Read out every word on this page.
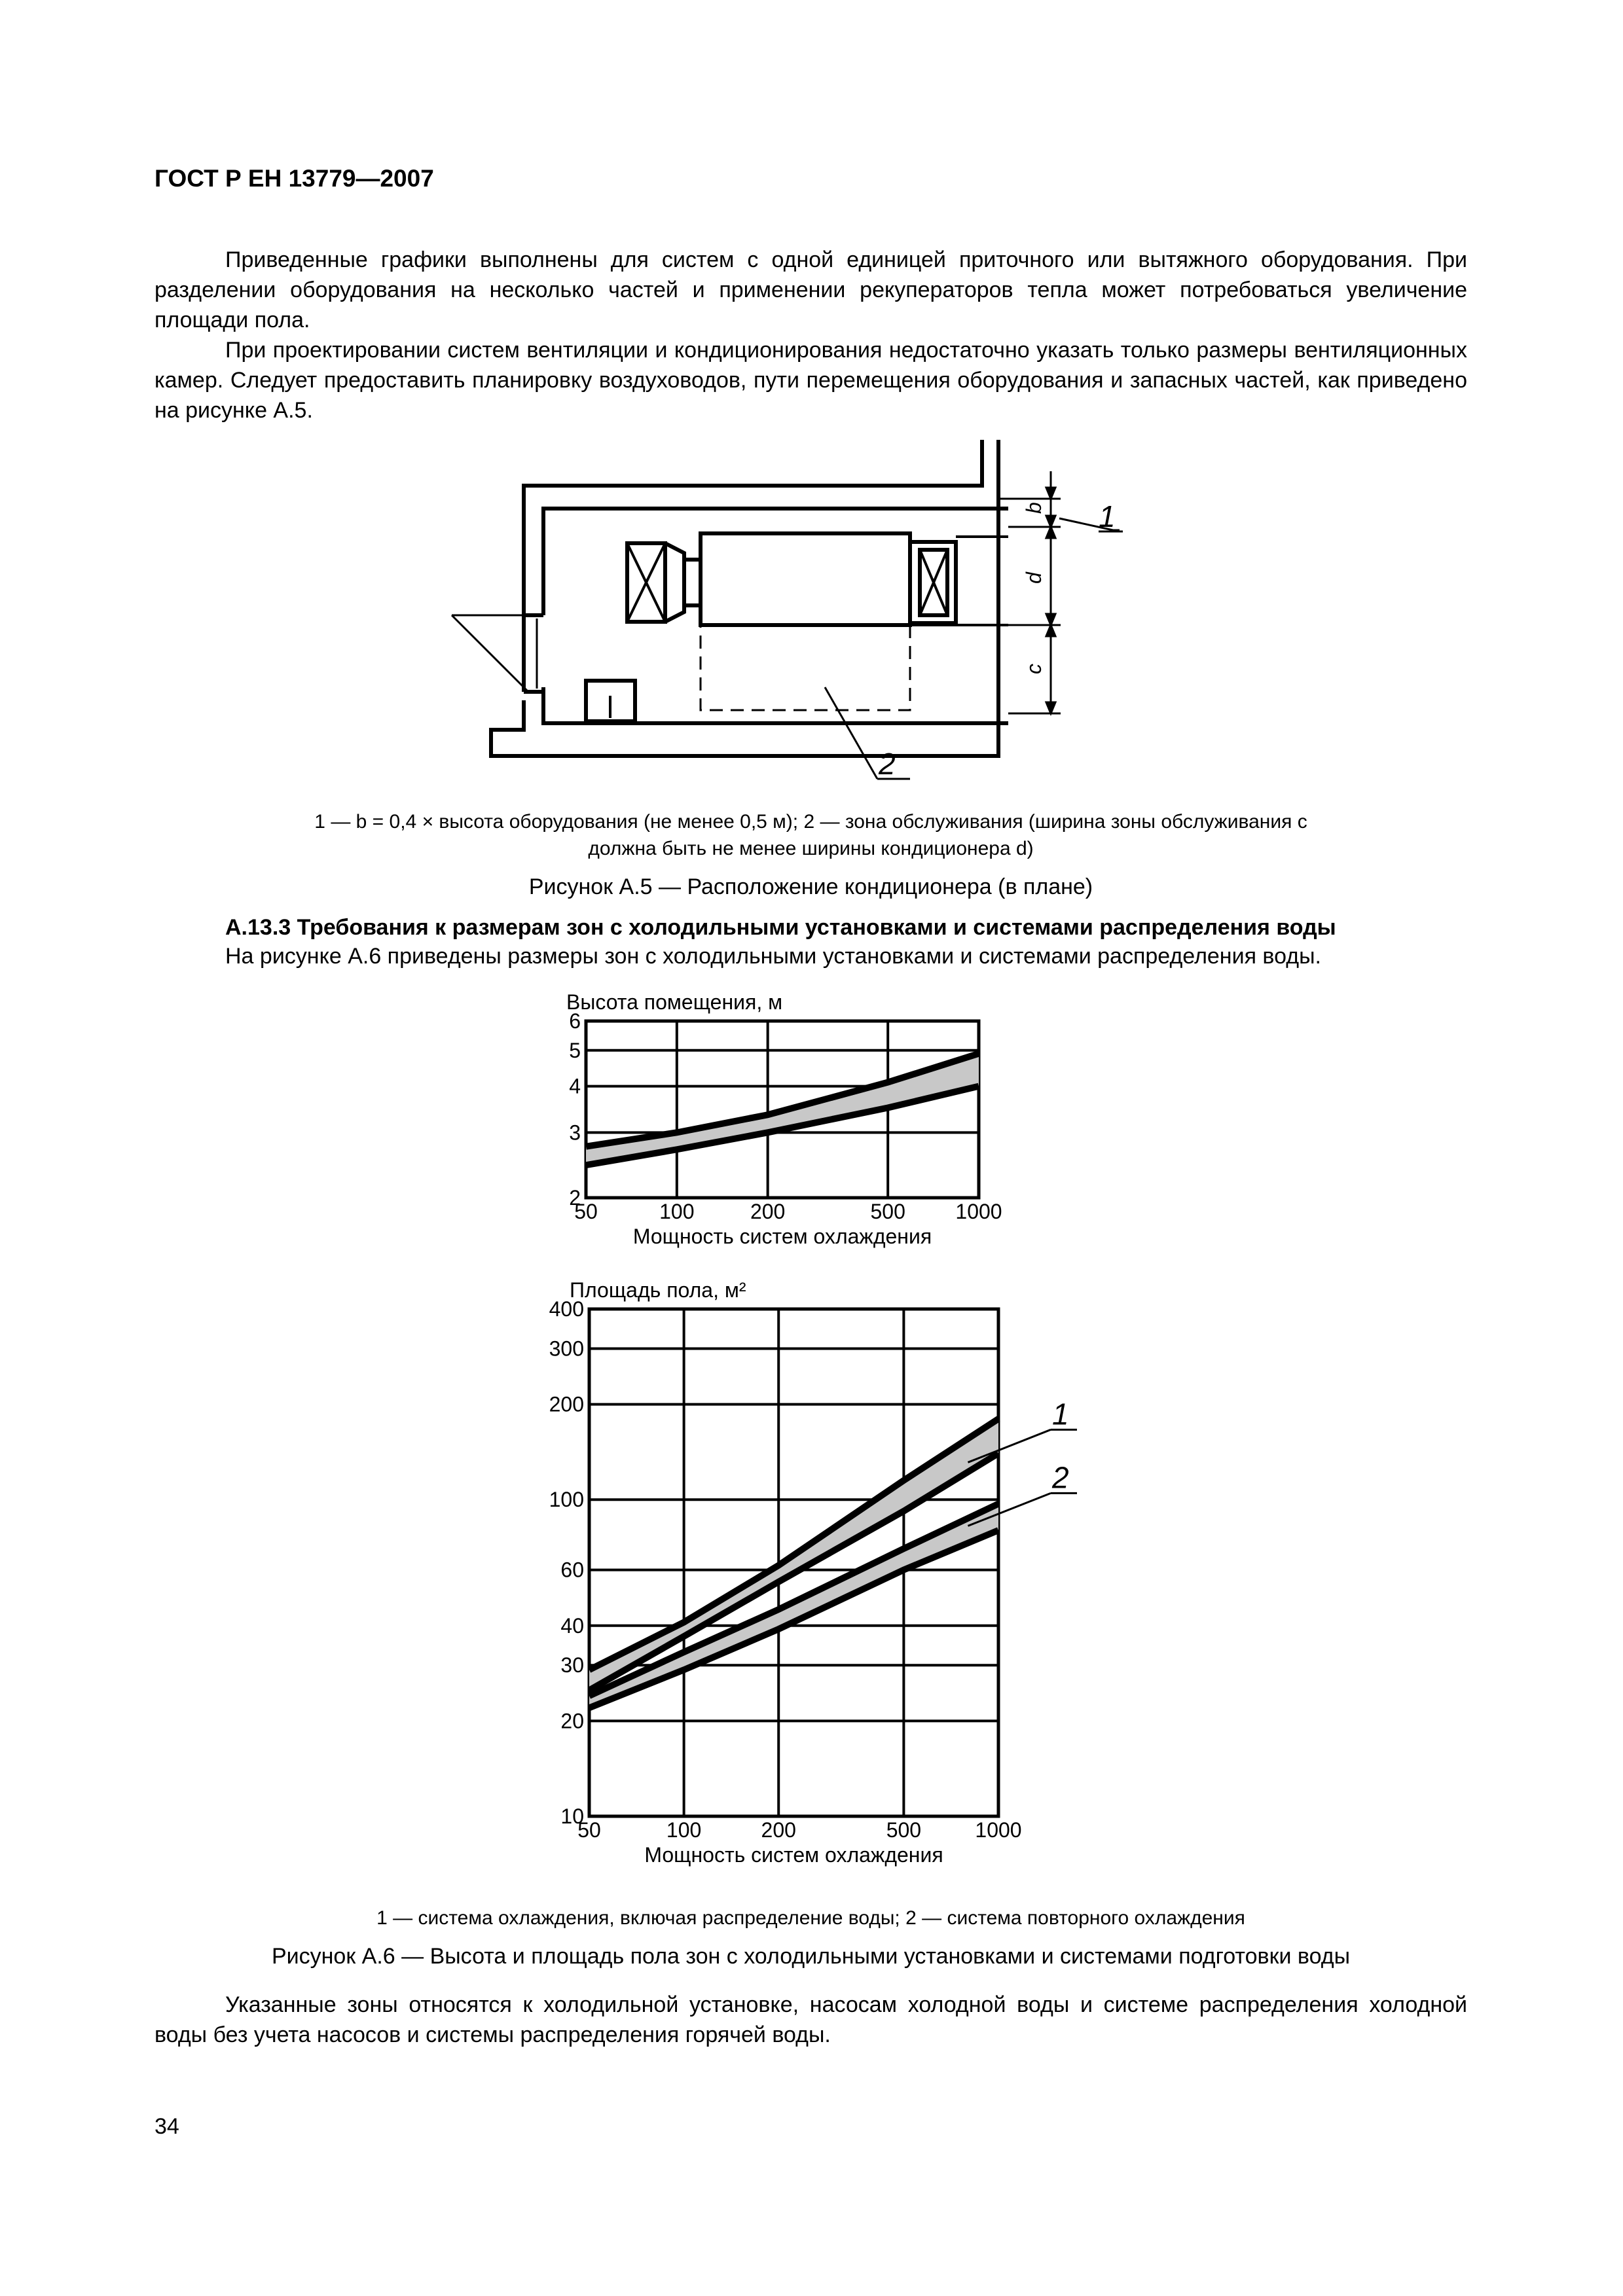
ГОСТ Р ЕН 13779—2007

Приведенные графики выполнены для систем с одной единицей приточного или вытяжного оборудования. При разделении оборудования на несколько частей и применении рекуператоров тепла может потребоваться увеличение площади пола.

При проектировании систем вентиляции и кондиционирования недостаточно указать только размеры вентиляционных камер. Следует предоставить планировку воздуховодов, пути перемещения оборудования и запасных частей, как приведено на рисунке А.5.

b
d
c
1
2
1 — b = 0,4 × высота оборудования (не менее 0,5 м); 2 — зона обслуживания (ширина зоны обслуживания c
должна быть не менее ширины кондиционера d)
Рисунок А.5 — Расположение кондиционера (в плане)
А.13.3 Требования к размерам зон с холодильными установками и системами распределения воды
На рисунке А.6 приведены размеры зон с холодильными установками и системами распределения воды.
Высота помещения, м
50	100	200	500 1000
2
3
4
5
6
Мощность систем охлаждения
Площадь пола, м²
50	100	200	500	1000
10
20
30
40
60
100
200
300
400
1
2
Мощность систем охлаждения
1 — система охлаждения, включая распределение воды; 2 — система повторного охлаждения
Рисунок А.6 — Высота и площадь пола зон с холодильными установками и системами подготовки воды

Указанные зоны относятся к холодильной установке, насосам холодной воды и системе распределения холодной воды без учета насосов и системы распределения горячей воды.

34
